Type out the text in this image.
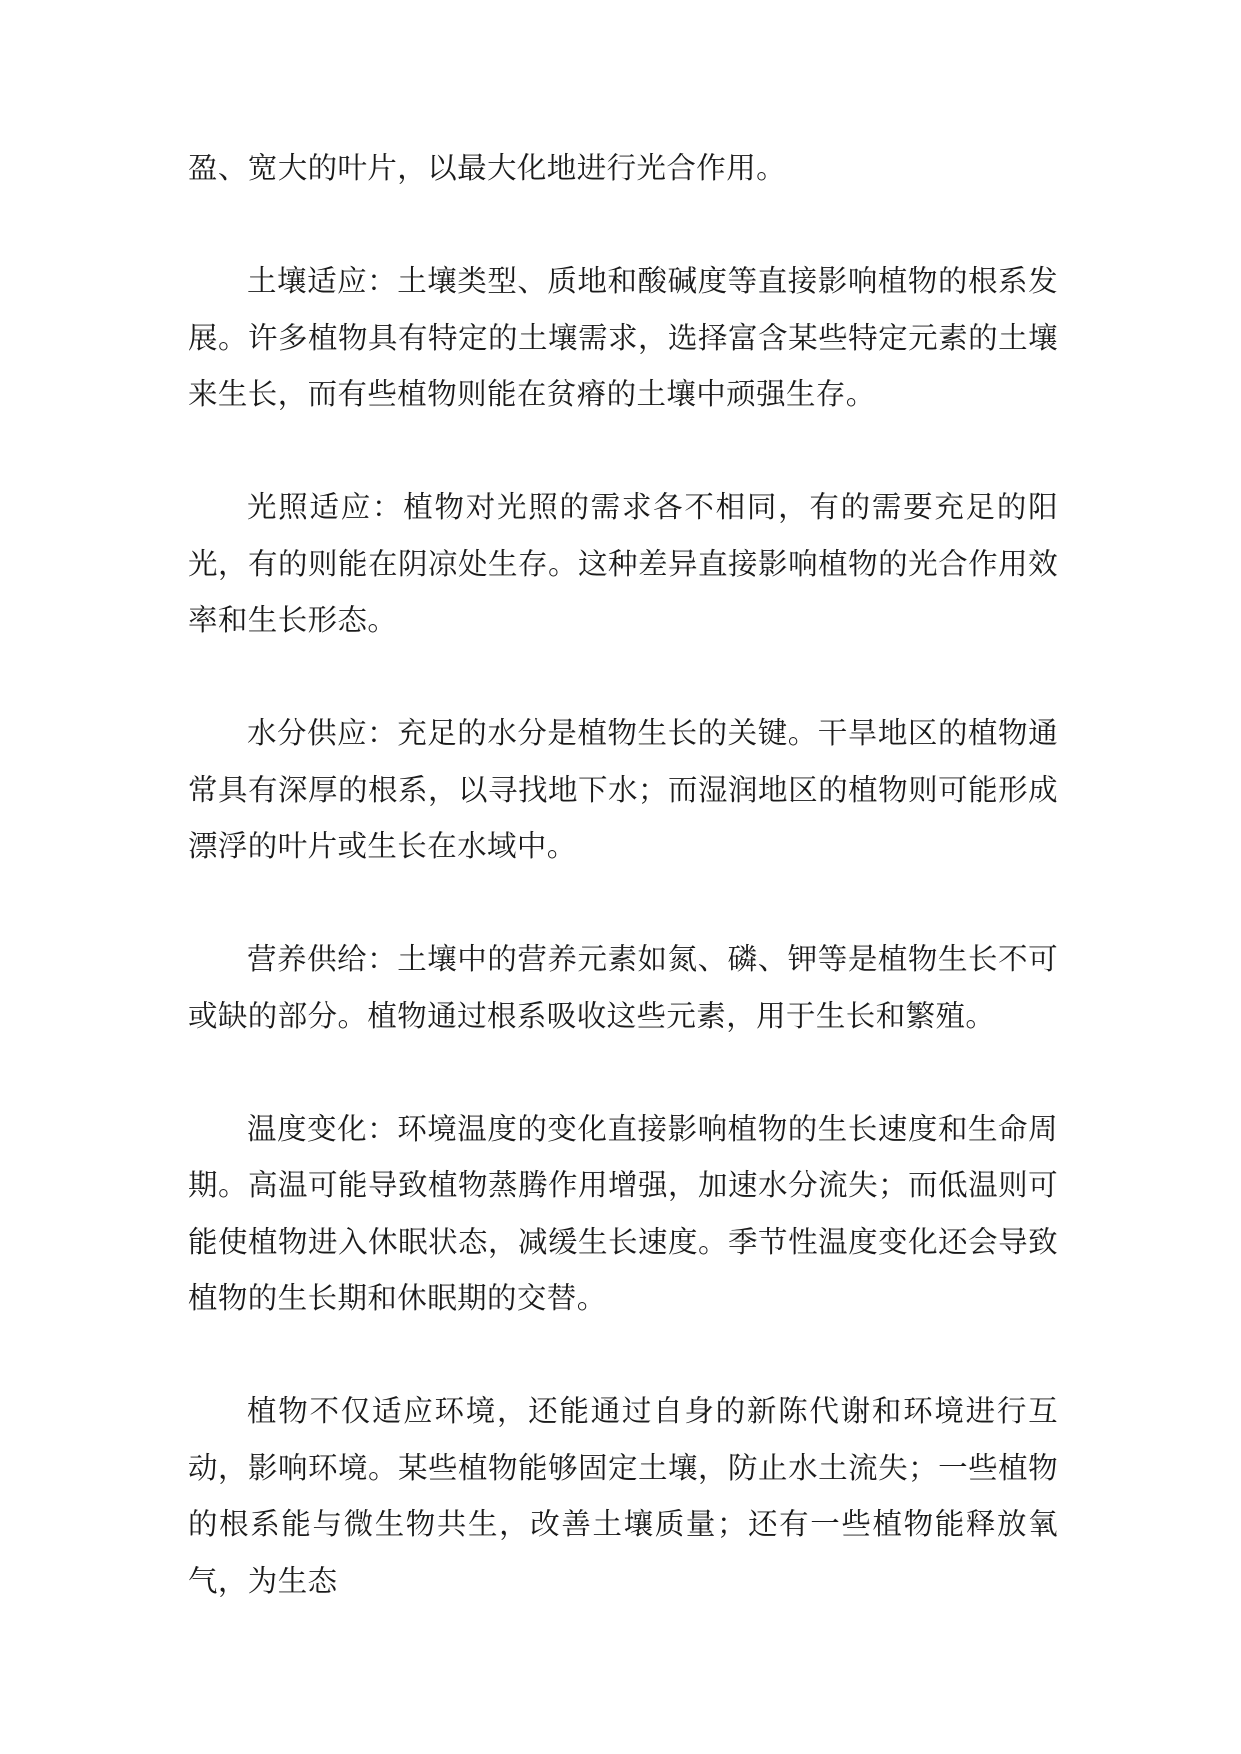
盈、宽大的叶片，以最大化地进行光合作用。

土壤适应：土壤类型、质地和酸碱度等直接影响植物的根系发展。许多植物具有特定的土壤需求，选择富含某些特定元素的土壤来生长，而有些植物则能在贫瘠的土壤中顽强生存。

光照适应：植物对光照的需求各不相同，有的需要充足的阳光，有的则能在阴凉处生存。这种差异直接影响植物的光合作用效率和生长形态。

水分供应：充足的水分是植物生长的关键。干旱地区的植物通常具有深厚的根系，以寻找地下水；而湿润地区的植物则可能形成漂浮的叶片或生长在水域中。

营养供给：土壤中的营养元素如氮、磷、钾等是植物生长不可或缺的部分。植物通过根系吸收这些元素，用于生长和繁殖。

温度变化：环境温度的变化直接影响植物的生长速度和生命周期。高温可能导致植物蒸腾作用增强，加速水分流失；而低温则可能使植物进入休眠状态，减缓生长速度。季节性温度变化还会导致植物的生长期和休眠期的交替。

植物不仅适应环境，还能通过自身的新陈代谢和环境进行互动，影响环境。某些植物能够固定土壤，防止水土流失；一些植物的根系能与微生物共生，改善土壤质量；还有一些植物能释放氧气，为生态
